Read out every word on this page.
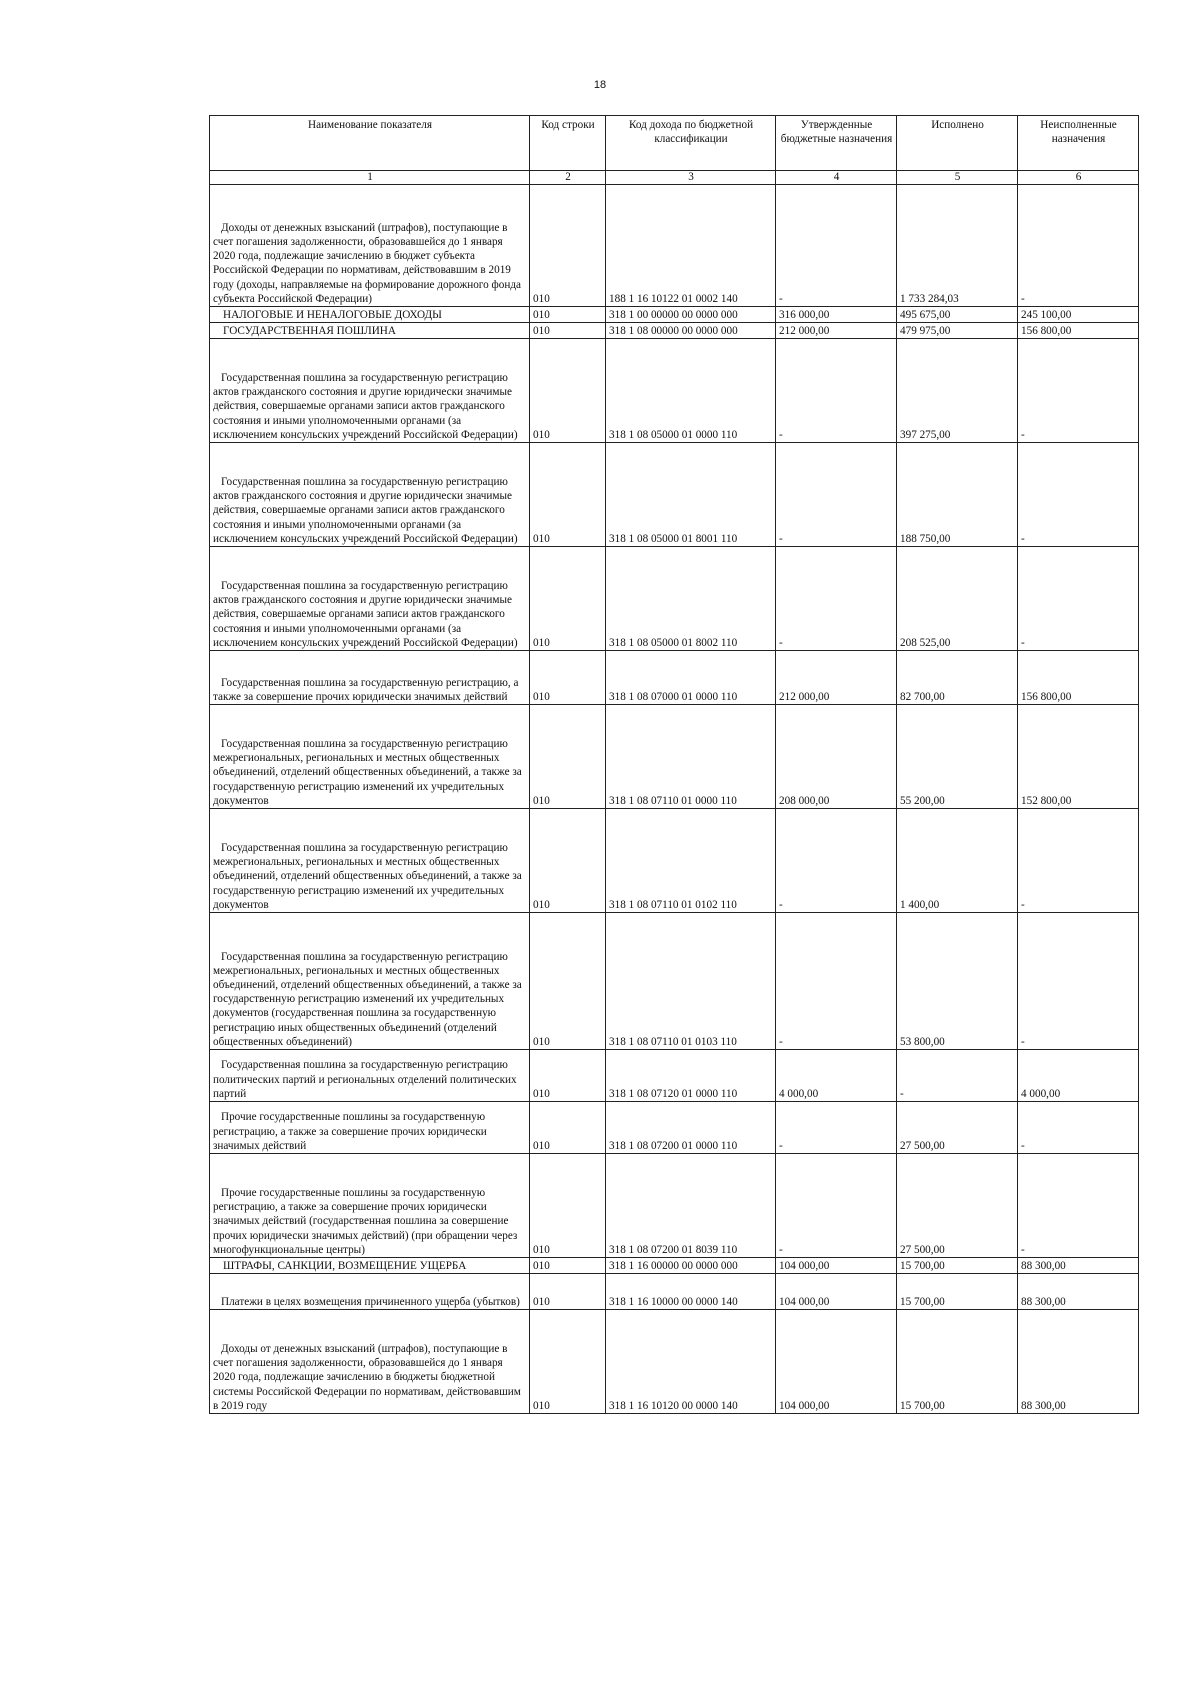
18
Наименование показателя	Код строки	Код дохода по бюджетной классификации	Утвержденные бюджетные назначения	Исполнено	Неисполненные назначения
1	2	3	4	5	6
Доходы от денежных взысканий (штрафов), поступающие в счет погашения задолженности, образовавшейся до 1 января 2020 года, подлежащие зачислению в бюджет субъекта Российской Федерации по нормативам, действовавшим в 2019 году (доходы, направляемые на формирование дорожного фонда субъекта Российской Федерации)	010	188 1 16 10122 01 0002 140	-	1 733 284,03	-
НАЛОГОВЫЕ И НЕНАЛОГОВЫЕ ДОХОДЫ	010	318 1 00 00000 00 0000 000	316 000,00	495 675,00	245 100,00
ГОСУДАРСТВЕННАЯ ПОШЛИНА	010	318 1 08 00000 00 0000 000	212 000,00	479 975,00	156 800,00
Государственная пошлина за государственную регистрацию актов гражданского состояния и другие юридически значимые действия, совершаемые органами записи актов гражданского состояния и иными уполномоченными органами (за исключением консульских учреждений Российской Федерации)	010	318 1 08 05000 01 0000 110	-	397 275,00	-
Государственная пошлина за государственную регистрацию актов гражданского состояния и другие юридически значимые действия, совершаемые органами записи актов гражданского состояния и иными уполномоченными органами (за исключением консульских учреждений Российской Федерации)	010	318 1 08 05000 01 8001 110	-	188 750,00	-
Государственная пошлина за государственную регистрацию актов гражданского состояния и другие юридически значимые действия, совершаемые органами записи актов гражданского состояния и иными уполномоченными органами (за исключением консульских учреждений Российской Федерации)	010	318 1 08 05000 01 8002 110	-	208 525,00	-
Государственная пошлина за государственную регистрацию, а также за совершение прочих юридически значимых действий	010	318 1 08 07000 01 0000 110	212 000,00	82 700,00	156 800,00
Государственная пошлина за государственную регистрацию межрегиональных, региональных и местных общественных объединений, отделений общественных объединений, а также за государственную регистрацию изменений их учредительных документов	010	318 1 08 07110 01 0000 110	208 000,00	55 200,00	152 800,00
Государственная пошлина за государственную регистрацию межрегиональных, региональных и местных общественных объединений, отделений общественных объединений, а также за государственную регистрацию изменений их учредительных документов	010	318 1 08 07110 01 0102 110	-	1 400,00	-
Государственная пошлина за государственную регистрацию межрегиональных, региональных и местных общественных объединений, отделений общественных объединений, а также за государственную регистрацию изменений их учредительных документов (государственная пошлина за государственную регистрацию иных общественных объединений (отделений общественных объединений)	010	318 1 08 07110 01 0103 110	-	53 800,00	-
Государственная пошлина за государственную регистрацию политических партий и региональных отделений политических партий	010	318 1 08 07120 01 0000 110	4 000,00	-	4 000,00
Прочие государственные пошлины за государственную регистрацию, а также за совершение прочих юридически значимых действий	010	318 1 08 07200 01 0000 110	-	27 500,00	-
Прочие государственные пошлины за государственную регистрацию, а также за совершение прочих юридически значимых действий (государственная пошлина за совершение прочих юридически значимых действий) (при обращении через многофункциональные центры)	010	318 1 08 07200 01 8039 110	-	27 500,00	-
ШТРАФЫ, САНКЦИИ, ВОЗМЕЩЕНИЕ УЩЕРБА	010	318 1 16 00000 00 0000 000	104 000,00	15 700,00	88 300,00
Платежи в целях возмещения причиненного ущерба (убытков)	010	318 1 16 10000 00 0000 140	104 000,00	15 700,00	88 300,00
Доходы от денежных взысканий (штрафов), поступающие в счет погашения задолженности, образовавшейся до 1 января 2020 года, подлежащие зачислению в бюджеты бюджетной системы Российской Федерации по нормативам, действовавшим в 2019 году	010	318 1 16 10120 00 0000 140	104 000,00	15 700,00	88 300,00
